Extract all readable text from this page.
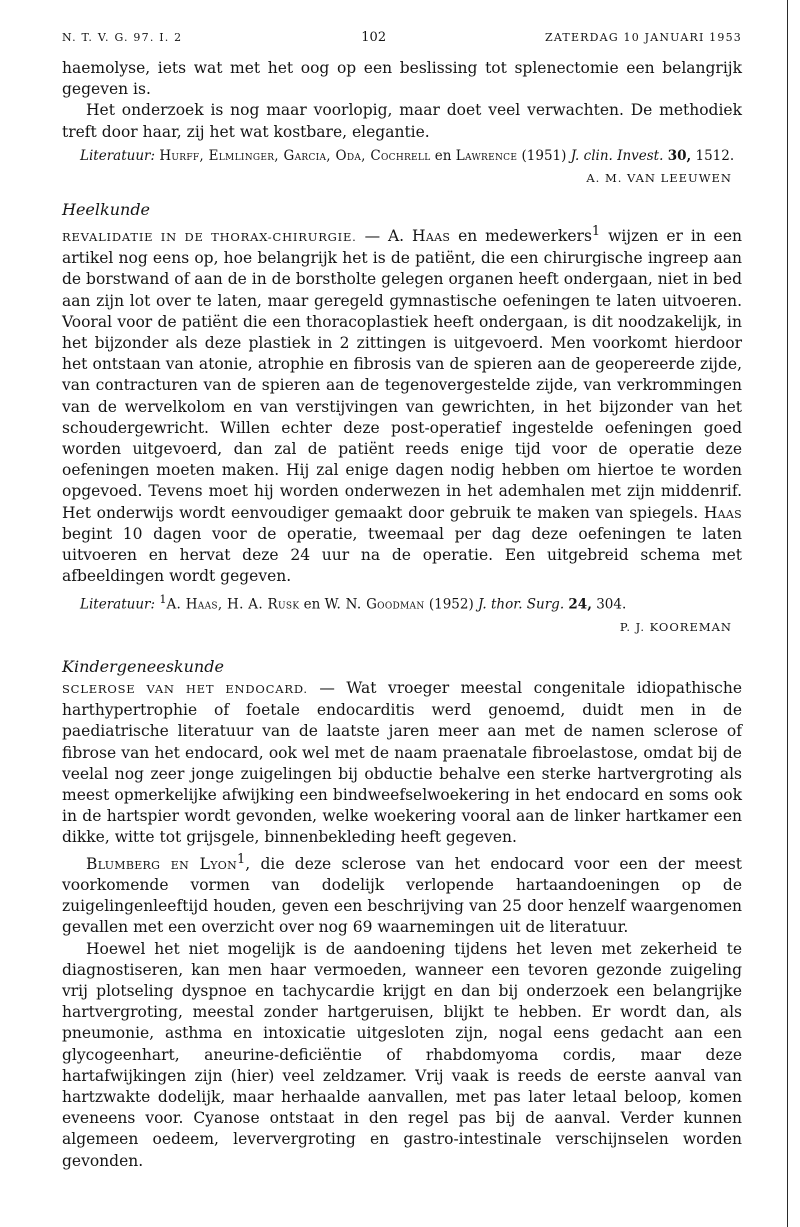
N. T. V. G. 97. I. 2	102	ZATERDAG 10 JANUARI 1953

haemolyse, iets wat met het oog op een beslissing tot splenectomie een belangrijk gegeven is.

Het onderzoek is nog maar voorlopig, maar doet veel verwachten. De methodiek treft door haar, zij het wat kostbare, elegantie.

Literatuur: Hurff, Elmlinger, Garcia, Oda, Cochrell en Lawrence (1951) J. clin. Invest. 30, 1512.

A. M. VAN LEEUWEN
Heelkunde

REVALIDATIE IN DE THORAX-CHIRURGIE. — A. Haas en medewerkers$^1$ wijzen er in een artikel nog eens op, hoe belangrijk het is de patiënt, die een chirurgische ingreep aan de borstwand of aan de in de borstholte gelegen organen heeft ondergaan, niet in bed aan zijn lot over te laten, maar geregeld gymnastische oefeningen te laten uitvoeren. Vooral voor de patiënt die een thoracoplastiek heeft ondergaan, is dit noodzakelijk, in het bijzonder als deze plastiek in 2 zittingen is uitgevoerd. Men voorkomt hierdoor het ontstaan van atonie, atrophie en fibrosis van de spieren aan de geopereerde zijde, van contracturen van de spieren aan de tegenovergestelde zijde, van verkrommingen van de wervelkolom en van verstijvingen van gewrichten, in het bijzonder van het schoudergewricht. Willen echter deze post-operatief ingestelde oefeningen goed worden uitgevoerd, dan zal de patiënt reeds enige tijd voor de operatie deze oefeningen moeten maken. Hij zal enige dagen nodig hebben om hiertoe te worden opgevoed. Tevens moet hij worden onderwezen in het ademhalen met zijn middenrif. Het onderwijs wordt eenvoudiger gemaakt door gebruik te maken van spiegels. Haas begint 10 dagen voor de operatie, tweemaal per dag deze oefeningen te laten uitvoeren en hervat deze 24 uur na de operatie. Een uitgebreid schema met afbeeldingen wordt gegeven.

Literatuur: $^1$A. Haas, H. A. Rusk en W. N. Goodman (1952) J. thor. Surg. 24, 304.

P. J. KOOREMAN
Kindergeneeskunde

SCLEROSE VAN HET ENDOCARD. — Wat vroeger meestal congenitale idiopathische harthypertrophie of foetale endocarditis werd genoemd, duidt men in de paediatrische literatuur van de laatste jaren meer aan met de namen sclerose of fibrose van het endocard, ook wel met de naam praenatale fibroelastose, omdat bij de veelal nog zeer jonge zuigelingen bij obductie behalve een sterke hartvergroting als meest opmerkelijke afwijking een bindweefselwoekering in het endocard en soms ook in de hartspier wordt gevonden, welke woekering vooral aan de linker hartkamer een dikke, witte tot grijsgele, binnenbekleding heeft gegeven.

Blumberg en Lyon$^1$, die deze sclerose van het endocard voor een der meest voorkomende vormen van dodelijk verlopende hartaandoeningen op de zuigelingenleeftijd houden, geven een beschrijving van 25 door henzelf waargenomen gevallen met een overzicht over nog 69 waarnemingen uit de literatuur.

Hoewel het niet mogelijk is de aandoening tijdens het leven met zekerheid te diagnostiseren, kan men haar vermoeden, wanneer een tevoren gezonde zuigeling vrij plotseling dyspnoe en tachycardie krijgt en dan bij onderzoek een belangrijke hartvergroting, meestal zonder hartgeruisen, blijkt te hebben. Er wordt dan, als pneumonie, asthma en intoxicatie uitgesloten zijn, nogal eens gedacht aan een glycogeenhart, aneurine-deficiëntie of rhabdomyoma cordis, maar deze hartafwijkingen zijn (hier) veel zeldzamer. Vrij vaak is reeds de eerste aanval van hartzwakte dodelijk, maar herhaalde aanvallen, met pas later letaal beloop, komen eveneens voor. Cyanose ontstaat in den regel pas bij de aanval. Verder kunnen algemeen oedeem, leververgroting en gastro-intestinale verschijnselen worden gevonden.
